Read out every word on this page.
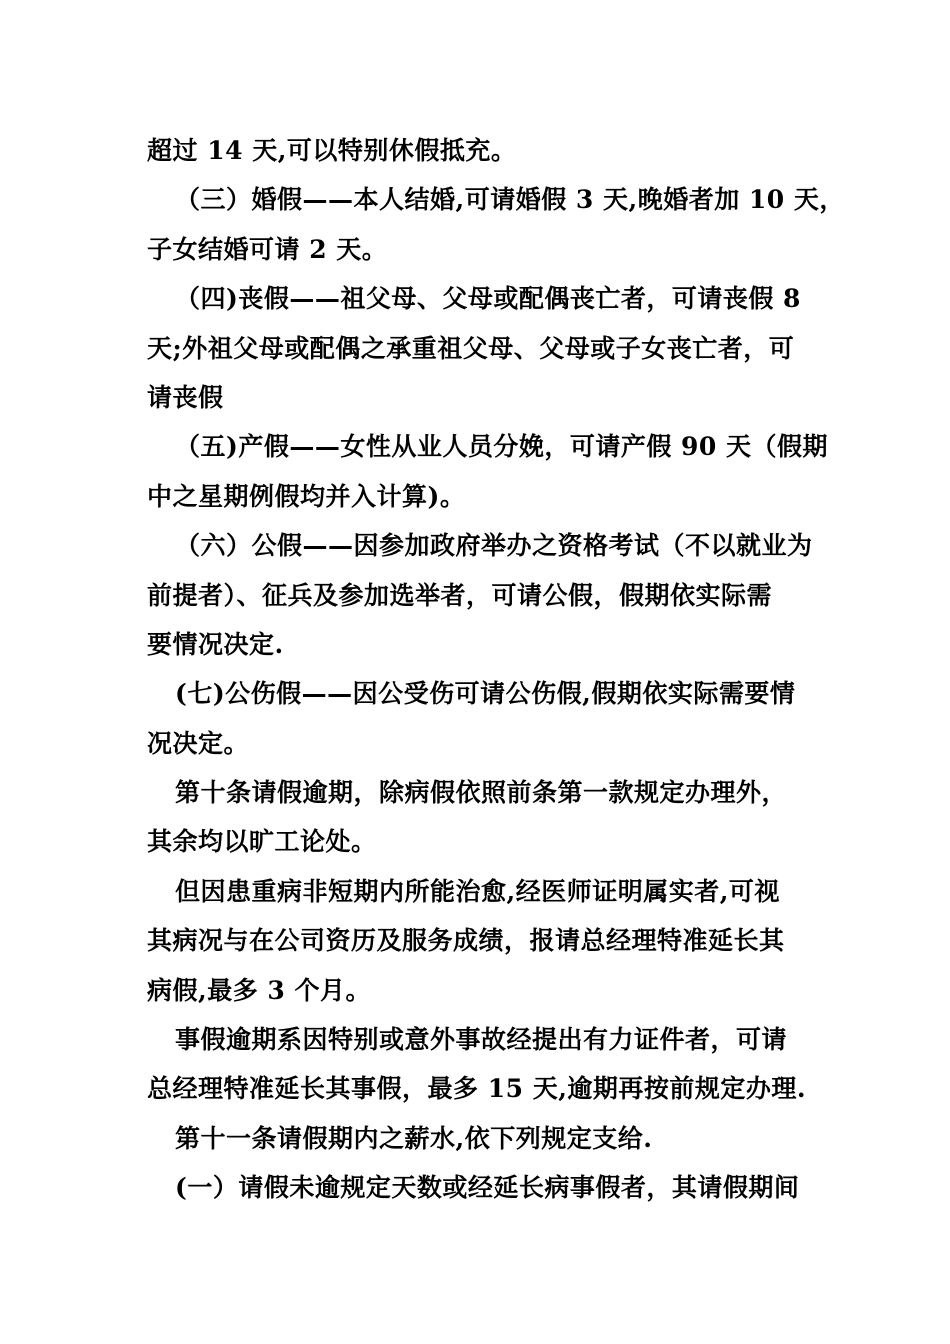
超过 14 天,可以特别休假抵充。
（三）婚假——本人结婚,可请婚假 3 天,晚婚者加 10 天，
子女结婚可请 2 天。
（四)丧假——祖父母、父母或配偶丧亡者，可请丧假 8
天;外祖父母或配偶之承重祖父母、父母或子女丧亡者，可
请丧假
（五)产假——女性从业人员分娩，可请产假 90 天（假期
中之星期例假均并入计算)。
（六）公假——因参加政府举办之资格考试（不以就业为
前提者）、征兵及参加选举者，可请公假，假期依实际需
要情况决定.
(七)公伤假——因公受伤可请公伤假,假期依实际需要情
况决定。
第十条请假逾期，除病假依照前条第一款规定办理外，
其余均以旷工论处。
但因患重病非短期内所能治愈,经医师证明属实者,可视
其病况与在公司资历及服务成绩，报请总经理特准延长其
病假,最多 3 个月。
事假逾期系因特别或意外事故经提出有力证件者，可请
总经理特准延长其事假，最多 15 天,逾期再按前规定办理.
第十一条请假期内之薪水,依下列规定支给.
(一）请假未逾规定天数或经延长病事假者，其请假期间
